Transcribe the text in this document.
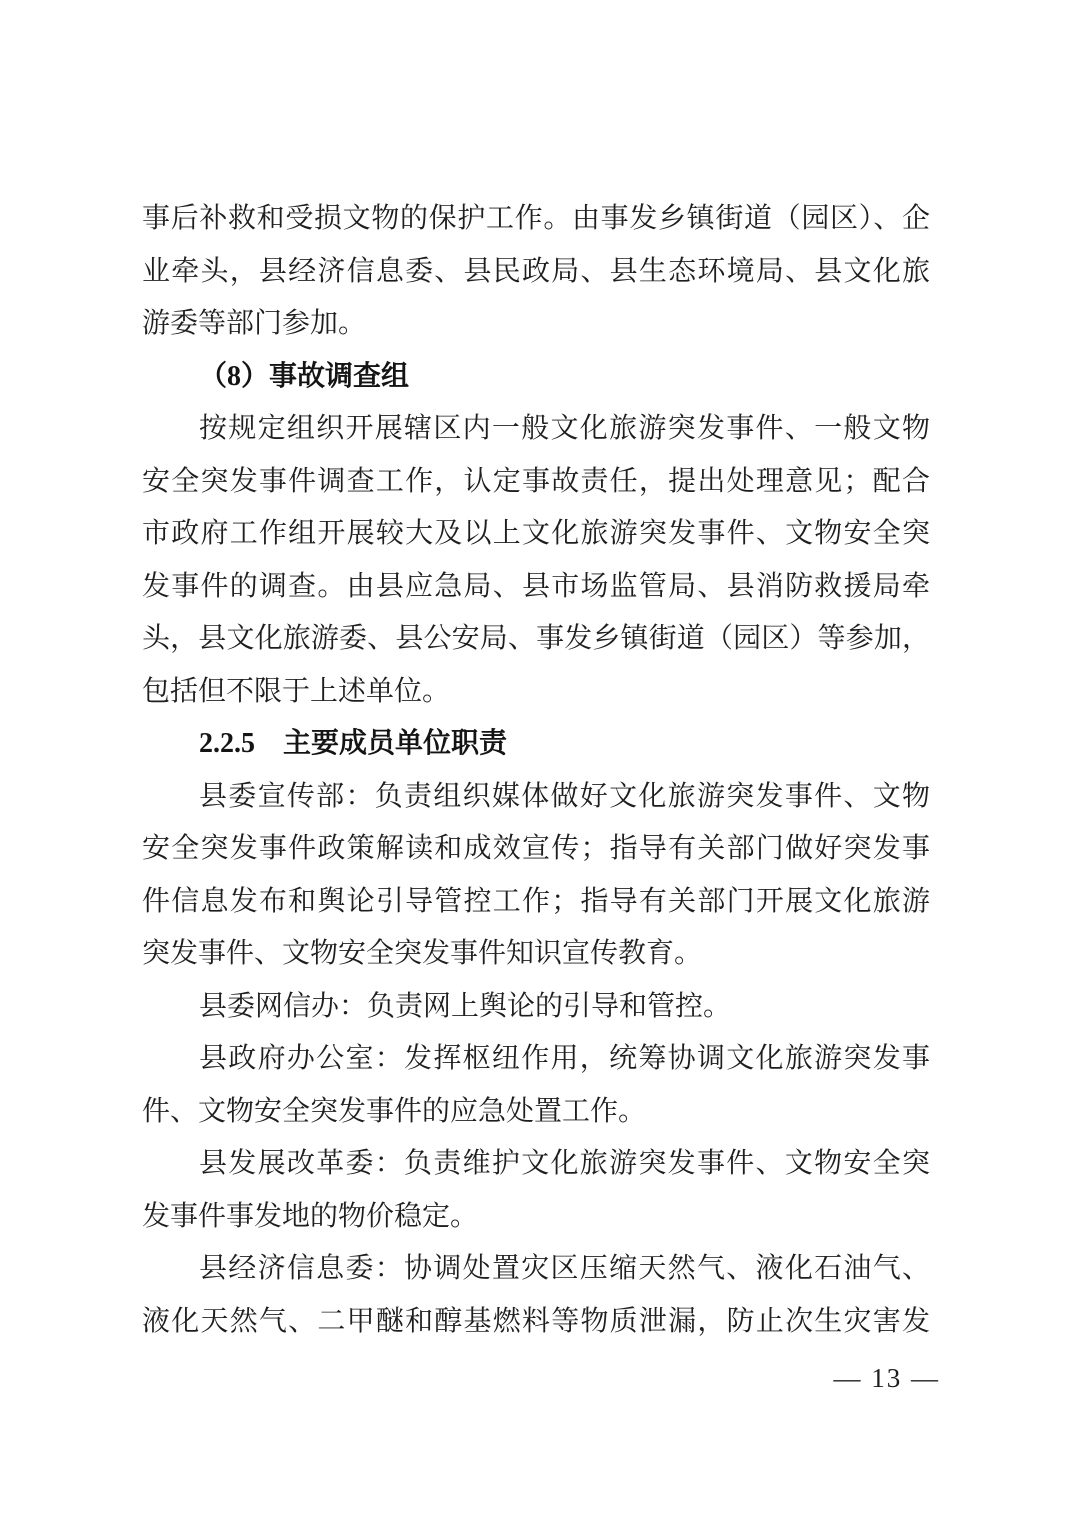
事后补救和受损文物的保护工作。由事发乡镇街道（园区）、企
业牵头，县经济信息委、县民政局、县生态环境局、县文化旅
游委等部门参加。
（8）事故调查组
按规定组织开展辖区内一般文化旅游突发事件、一般文物
安全突发事件调查工作，认定事故责任，提出处理意见；配合
市政府工作组开展较大及以上文化旅游突发事件、文物安全突
发事件的调查。由县应急局、县市场监管局、县消防救援局牵
头，县文化旅游委、县公安局、事发乡镇街道（园区）等参加，
包括但不限于上述单位。
2.2.5　主要成员单位职责
县委宣传部：负责组织媒体做好文化旅游突发事件、文物
安全突发事件政策解读和成效宣传；指导有关部门做好突发事
件信息发布和舆论引导管控工作；指导有关部门开展文化旅游
突发事件、文物安全突发事件知识宣传教育。
县委网信办：负责网上舆论的引导和管控。
县政府办公室：发挥枢纽作用，统筹协调文化旅游突发事
件、文物安全突发事件的应急处置工作。
县发展改革委：负责维护文化旅游突发事件、文物安全突
发事件事发地的物价稳定。
县经济信息委：协调处置灾区压缩天然气、液化石油气、
液化天然气、二甲醚和醇基燃料等物质泄漏，防止次生灾害发
— 13 —
